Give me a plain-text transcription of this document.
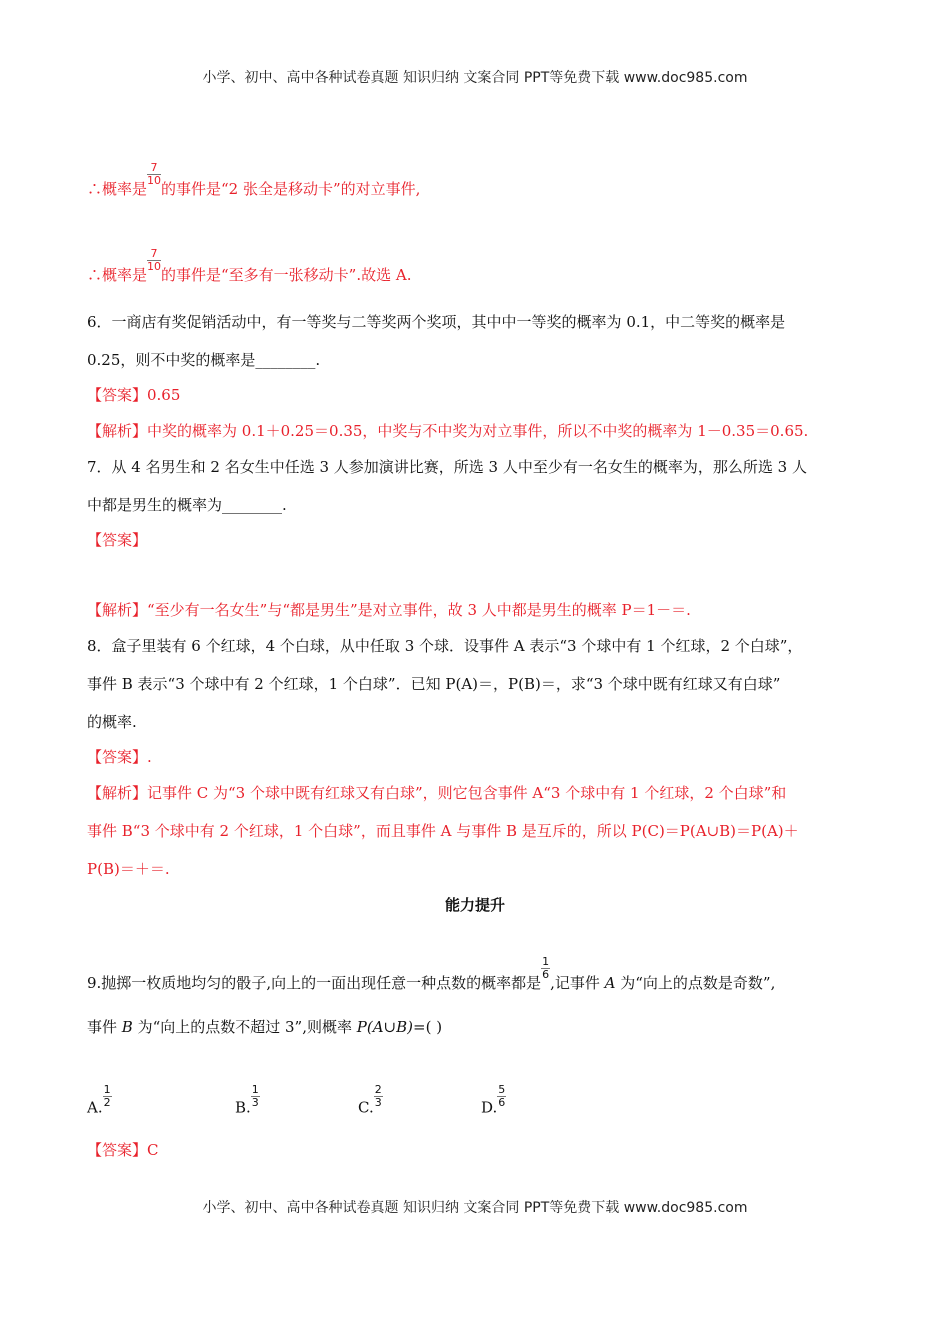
小学、初中、高中各种试卷真题 知识归纳 文案合同 PPT等免费下载 www.doc985.com
∴概率是
$\frac{7}{10}$
的事件是“2 张全是移动卡”的对立事件,
∴概率是
$\frac{7}{10}$
的事件是“至多有一张移动卡”.故选 A.
6．一商店有奖促销活动中，有一等奖与二等奖两个奖项，其中中一等奖的概率为 0.1，中二等奖的概率是
0.25，则不中奖的概率是________.
【答案】0.65
【解析】中奖的概率为 0.1＋0.25＝0.35，中奖与不中奖为对立事件，所以不中奖的概率为 1－0.35＝0.65.
7．从 4 名男生和 2 名女生中任选 3 人参加演讲比赛，所选 3 人中至少有一名女生的概率为，那么所选 3 人
中都是男生的概率为________.
【答案】
【解析】“至少有一名女生”与“都是男生”是对立事件，故 3 人中都是男生的概率 P＝1－＝.
8．盒子里装有 6 个红球，4 个白球，从中任取 3 个球．设事件 A 表示“3 个球中有 1 个红球，2 个白球”，
事件 B 表示“3 个球中有 2 个红球，1 个白球”．已知 P(A)＝，P(B)＝，求“3 个球中既有红球又有白球”
的概率.
【答案】.
【解析】记事件 C 为“3 个球中既有红球又有白球”，则它包含事件 A“3 个球中有 1 个红球，2 个白球”和
事件 B“3 个球中有 2 个红球，1 个白球”，而且事件 A 与事件 B 是互斥的，所以 P(C)＝P(A∪B)＝P(A)＋
P(B)＝＋＝.
能力提升
9.抛掷一枚质地均匀的骰子,向上的一面出现任意一种点数的概率都是
$\frac{1}{6}$
,记事件 A 为“向上的点数是奇数”,
事件 B 为“向上的点数不超过 3”,则概率 P(A∪B)=( )
A. $\frac{1}{2}$	B. $\frac{1}{3}$	C. $\frac{2}{3}$	D. $\frac{5}{6}$
【答案】C
小学、初中、高中各种试卷真题 知识归纳 文案合同 PPT等免费下载 www.doc985.com
